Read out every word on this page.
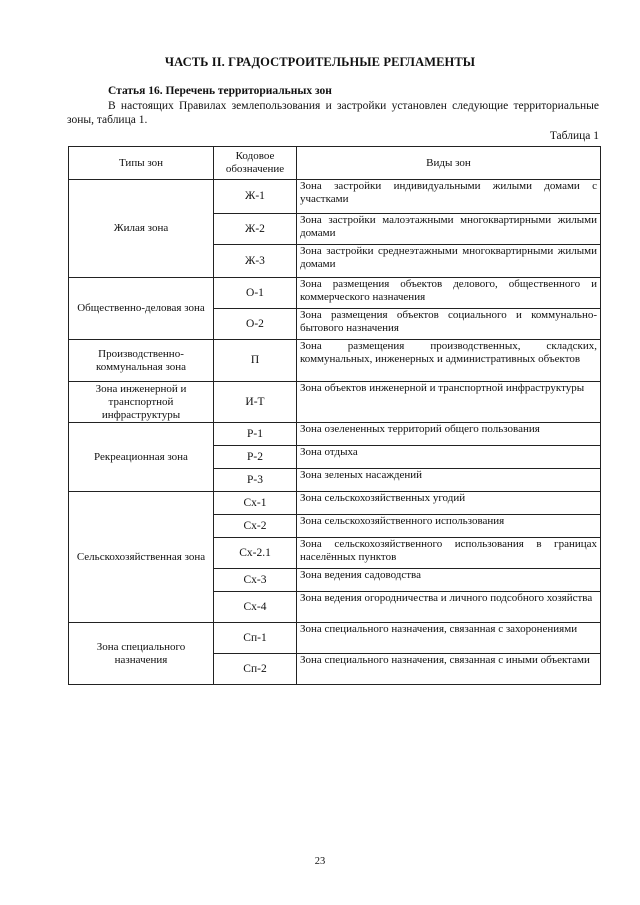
ЧАСТЬ II. ГРАДОСТРОИТЕЛЬНЫЕ РЕГЛАМЕНТЫ
Статья 16. Перечень территориальных зон
В настоящих Правилах землепользования и застройки установлен следующие территориальные зоны, таблица 1.
Таблица 1
Типы зон	Кодовое обозначение	Виды зон
Жилая зона	Ж-1	Зона застройки индивидуальными жилыми домами с участками
	Ж-2	Зона застройки малоэтажными многоквартирными жилыми домами
	Ж-3	Зона застройки среднеэтажными многоквартирными жилыми домами
Общественно-деловая зона	О-1	Зона размещения объектов делового, общественного и коммерческого назначения
	О-2	Зона размещения объектов социального и коммунально-бытового назначения
Производственно-коммунальная зона	П	Зона размещения производственных, складских, коммунальных, инженерных и административных объектов
Зона инженерной и транспортной инфраструктуры	И-Т	Зона объектов инженерной и транспортной инфраструктуры
Рекреационная зона	Р-1	Зона озелененных территорий общего пользования
	Р-2	Зона отдыха
	Р-3	Зона зеленых насаждений
Сельскохозяйственная зона	Сх-1	Зона сельскохозяйственных угодий
	Сх-2	Зона сельскохозяйственного использования
	Сх-2.1	Зона сельскохозяйственного использования в границах населённых пунктов
	Сх-3	Зона ведения садоводства
	Сх-4	Зона ведения огородничества и личного подсобного хозяйства
Зона специального назначения	Сп-1	Зона специального назначения, связанная с захоронениями
	Сп-2	Зона специального назначения, связанная с иными объектами
23
